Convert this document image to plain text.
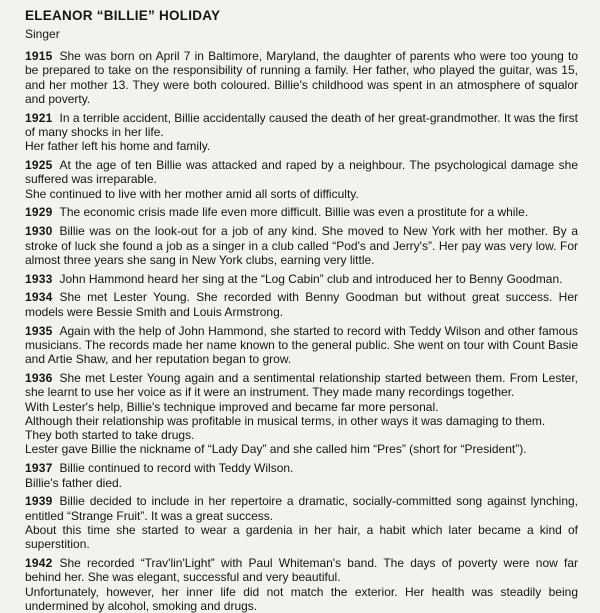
ELEANOR “BILLIE” HOLIDAY

Singer

1915 She was born on April 7 in Baltimore, Maryland, the daughter of parents who were too young to be prepared to take on the responsibility of running a family. Her father, who played the guitar, was 15, and her mother 13. They were both coloured. Billie's childhood was spent in an atmosphere of squalor and poverty.

1921 In a terrible accident, Billie accidentally caused the death of her great-grandmother. It was the first of many shocks in her life.

Her father left his home and family.

1925 At the age of ten Billie was attacked and raped by a neighbour. The psychological damage she suffered was irreparable.

She continued to live with her mother amid all sorts of difficulty.

1929 The economic crisis made life even more difficult. Billie was even a prostitute for a while.

1930 Billie was on the look-out for a job of any kind. She moved to New York with her mother. By a stroke of luck she found a job as a singer in a club called “Pod's and Jerry's”. Her pay was very low. For almost three years she sang in New York clubs, earning very little.

1933 John Hammond heard her sing at the “Log Cabin” club and introduced her to Benny Goodman.

1934 She met Lester Young. She recorded with Benny Goodman but without great success. Her models were Bessie Smith and Louis Armstrong.

1935 Again with the help of John Hammond, she started to record with Teddy Wilson and other famous musicians. The records made her name known to the general public. She went on tour with Count Basie and Artie Shaw, and her reputation began to grow.

1936 She met Lester Young again and a sentimental relationship started between them. From Lester, she learnt to use her voice as if it were an instrument. They made many recordings together.

With Lester's help, Billie's technique improved and became far more personal.

Although their relationship was profitable in musical terms, in other ways it was damaging to them.

They both started to take drugs.

Lester gave Billie the nickname of “Lady Day” and she called him “Pres” (short for “President”).

1937 Billie continued to record with Teddy Wilson.

Billie's father died.

1939 Billie decided to include in her repertoire a dramatic, socially-committed song against lynching, entitled “Strange Fruit”. It was a great success.

About this time she started to wear a gardenia in her hair, a habit which later became a kind of superstition.

1942 She recorded “Trav'lin'Light” with Paul Whiteman's band. The days of poverty were now far behind her. She was elegant, successful and very beautiful.

Unfortunately, however, her inner life did not match the exterior. Her health was steadily being undermined by alcohol, smoking and drugs.
